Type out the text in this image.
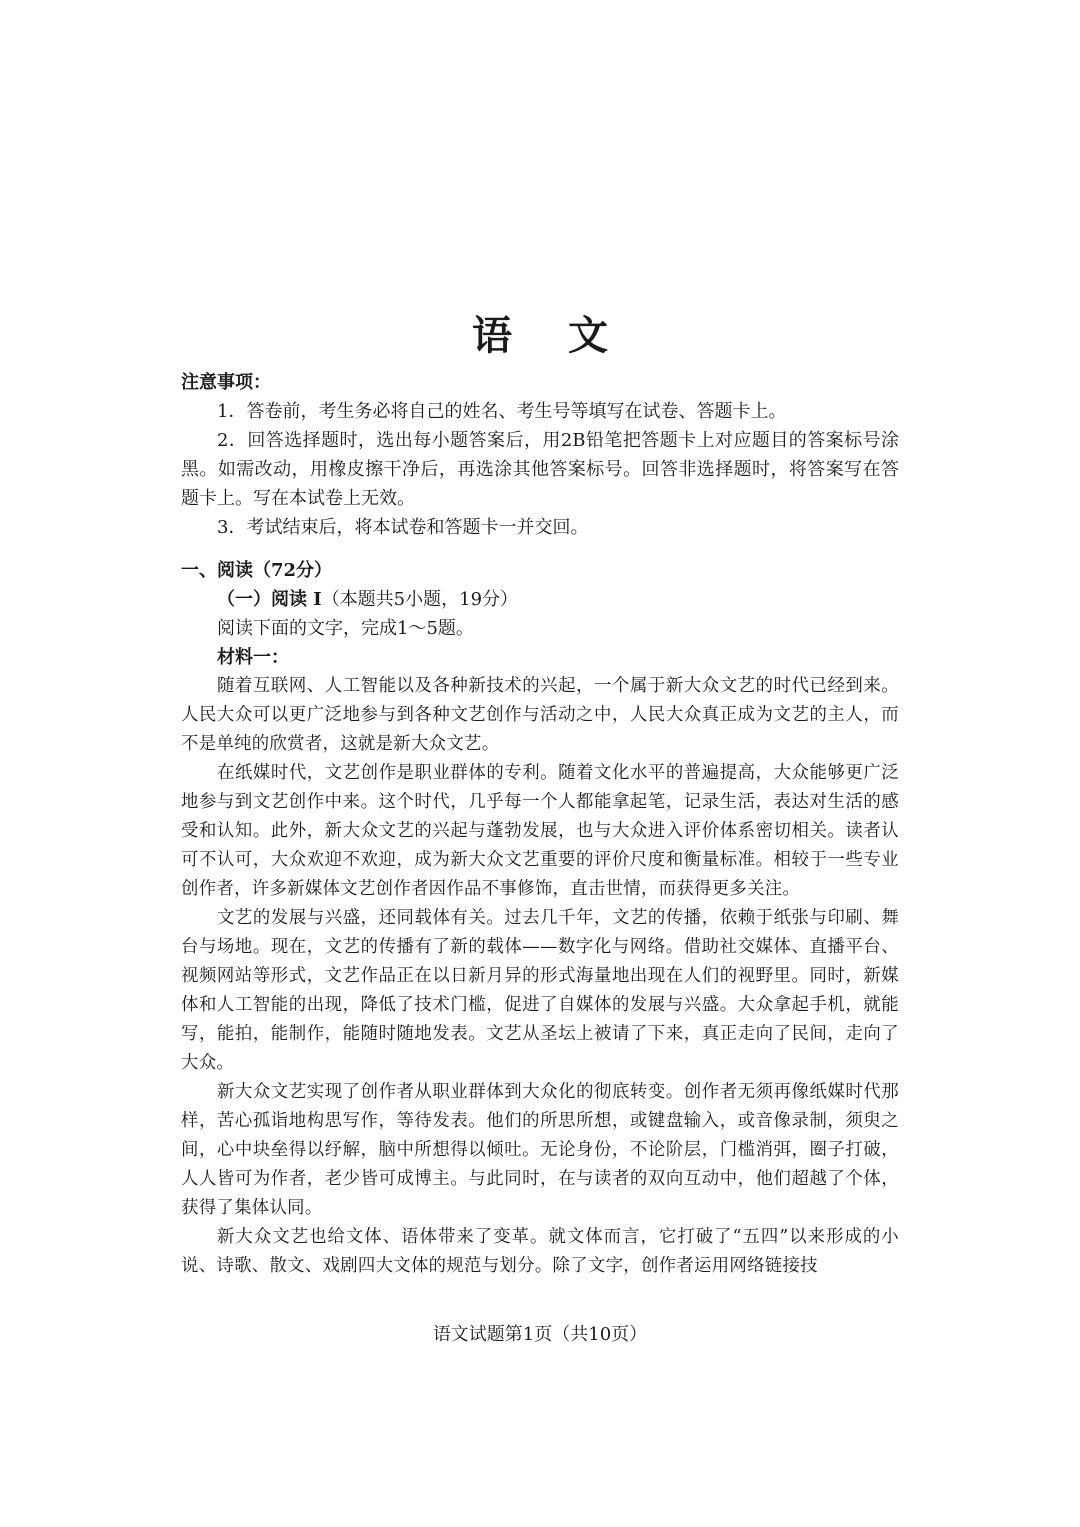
语文
注意事项：

1．答卷前，考生务必将自己的姓名、考生号等填写在试卷、答题卡上。

2．回答选择题时，选出每小题答案后，用2B铅笔把答题卡上对应题目的答案标号涂黑。如需改动，用橡皮擦干净后，再选涂其他答案标号。回答非选择题时，将答案写在答题卡上。写在本试卷上无效。

3．考试结束后，将本试卷和答题卡一并交回。

一、阅读（72分）
（一）阅读 I（本题共5小题，19分）
阅读下面的文字，完成1～5题。
材料一：

随着互联网、人工智能以及各种新技术的兴起，一个属于新大众文艺的时代已经到来。人民大众可以更广泛地参与到各种文艺创作与活动之中，人民大众真正成为文艺的主人，而不是单纯的欣赏者，这就是新大众文艺。

在纸媒时代，文艺创作是职业群体的专利。随着文化水平的普遍提高，大众能够更广泛地参与到文艺创作中来。这个时代，几乎每一个人都能拿起笔，记录生活，表达对生活的感受和认知。此外，新大众文艺的兴起与蓬勃发展，也与大众进入评价体系密切相关。读者认可不认可，大众欢迎不欢迎，成为新大众文艺重要的评价尺度和衡量标准。相较于一些专业创作者，许多新媒体文艺创作者因作品不事修饰，直击世情，而获得更多关注。

文艺的发展与兴盛，还同载体有关。过去几千年，文艺的传播，依赖于纸张与印刷、舞台与场地。现在，文艺的传播有了新的载体——数字化与网络。借助社交媒体、直播平台、视频网站等形式，文艺作品正在以日新月异的形式海量地出现在人们的视野里。同时，新媒体和人工智能的出现，降低了技术门槛，促进了自媒体的发展与兴盛。大众拿起手机，就能写，能拍，能制作，能随时随地发表。文艺从圣坛上被请了下来，真正走向了民间，走向了大众。

新大众文艺实现了创作者从职业群体到大众化的彻底转变。创作者无须再像纸媒时代那样，苦心孤诣地构思写作，等待发表。他们的所思所想，或键盘输入，或音像录制，须臾之间，心中块垒得以纾解，脑中所想得以倾吐。无论身份，不论阶层，门槛消弭，圈子打破，人人皆可为作者，老少皆可成博主。与此同时，在与读者的双向互动中，他们超越了个体，获得了集体认同。

新大众文艺也给文体、语体带来了变革。就文体而言，它打破了“五四”以来形成的小说、诗歌、散文、戏剧四大文体的规范与划分。除了文字，创作者运用网络链接技

语文试题第1页（共10页）
